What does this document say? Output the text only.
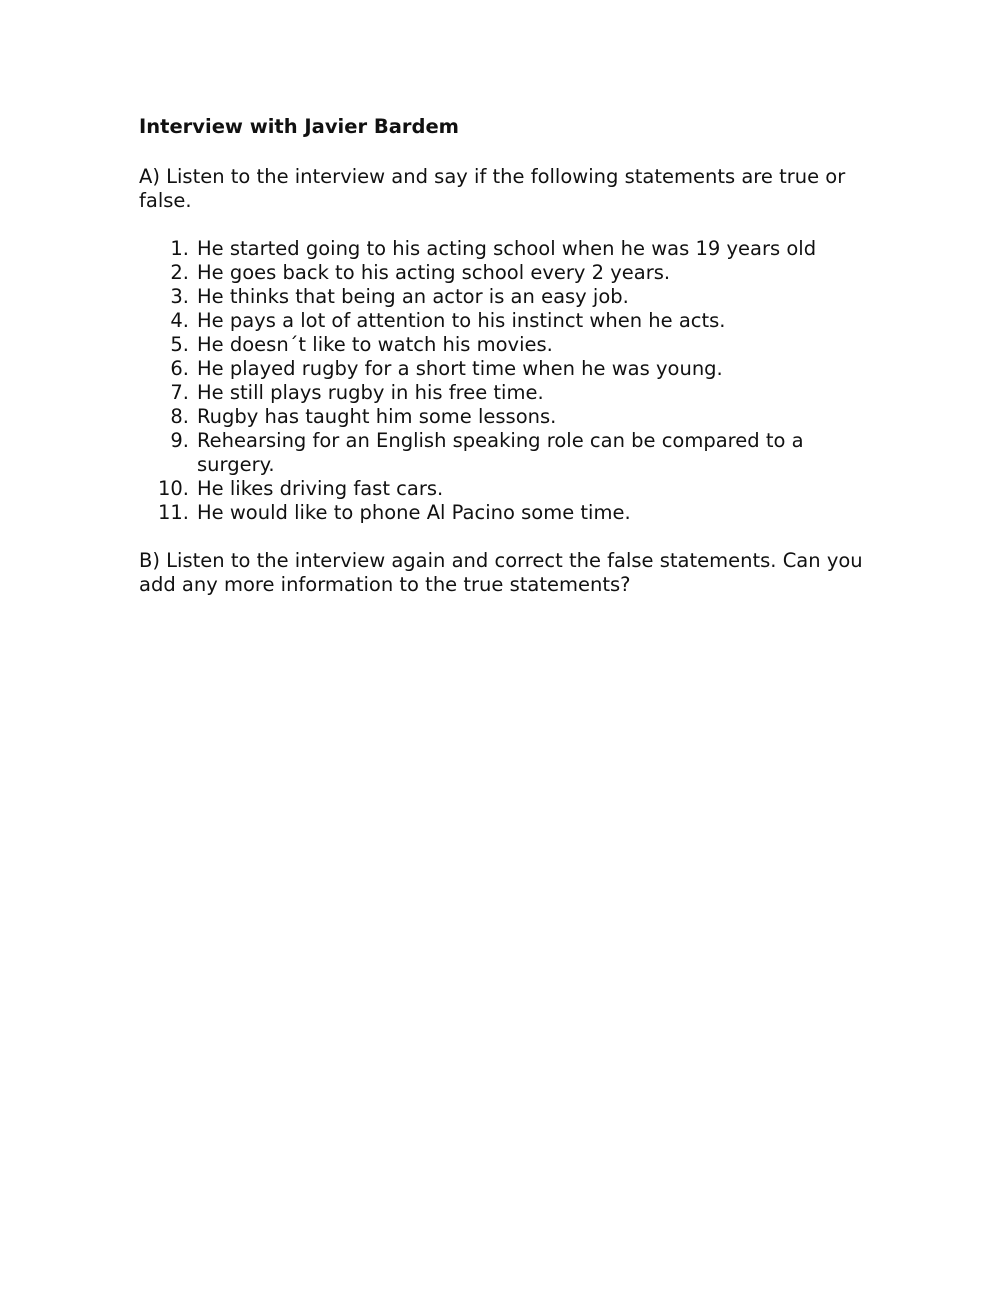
Interview with Javier Bardem

A) Listen to the interview and say if the following statements are true or false.

1. He started going to his acting school when he was 19 years old
2. He goes back to his acting school every 2 years.
3. He thinks that being an actor is an easy job.
4. He pays a lot of attention to his instinct when he acts.
5. He doesn´t like to watch his movies.
6. He played rugby for a short time when he was young.
7. He still plays rugby in his free time.
8. Rugby has taught him some lessons.
9. Rehearsing for an English speaking role can be compared to a surgery.
10. He likes driving fast cars.
11. He would like to phone Al Pacino some time.

B) Listen to the interview again and correct the false statements. Can you add any more information to the true statements?
